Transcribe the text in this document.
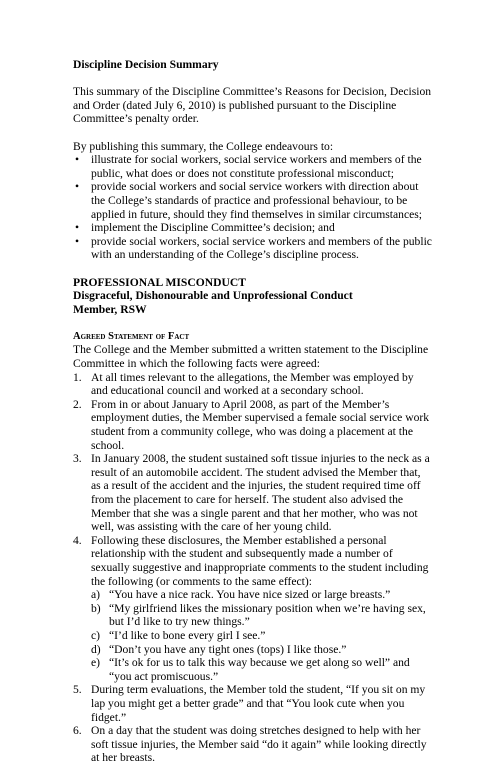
Discipline Decision Summary

This summary of the Discipline Committee’s Reasons for Decision, Decision and Order (dated July 6, 2010) is published pursuant to the Discipline Committee’s penalty order.

By publishing this summary, the College endeavours to:

• illustrate for social workers, social service workers and members of the public, what does or does not constitute professional misconduct;
• provide social workers and social service workers with direction about the College’s standards of practice and professional behaviour, to be applied in future, should they find themselves in similar circumstances;
• implement the Discipline Committee’s decision; and
• provide social workers, social service workers and members of the public with an understanding of the College’s discipline process.

PROFESSIONAL MISCONDUCT

Disgraceful, Dishonourable and Unprofessional Conduct

Member, RSW

Agreed Statement of Fact

The College and the Member submitted a written statement to the Discipline Committee in which the following facts were agreed:

1. At all times relevant to the allegations, the Member was employed by and educational council and worked at a secondary school.
2. From in or about January to April 2008, as part of the Member’s employment duties, the Member supervised a female social service work student from a community college, who was doing a placement at the school.
3. In January 2008, the student sustained soft tissue injuries to the neck as a result of an automobile accident. The student advised the Member that, as a result of the accident and the injuries, the student required time off from the placement to care for herself. The student also advised the Member that she was a single parent and that her mother, who was not well, was assisting with the care of her young child.
4. Following these disclosures, the Member established a personal relationship with the student and subsequently made a number of sexually suggestive and inappropriate comments to the student including the following (or comments to the same effect):
a) “You have a nice rack. You have nice sized or large breasts.”
b) “My girlfriend likes the missionary position when we’re having sex, but I’d like to try new things.”
c) “I’d like to bone every girl I see.”
d) “Don’t you have any tight ones (tops) I like those.”
e) “It’s ok for us to talk this way because we get along so well” and “you act promiscuous.”
5. During term evaluations, the Member told the student, “If you sit on my lap you might get a better grade” and that “You look cute when you fidget.”
6. On a day that the student was doing stretches designed to help with her soft tissue injuries, the Member said “do it again” while looking directly at her breasts.
